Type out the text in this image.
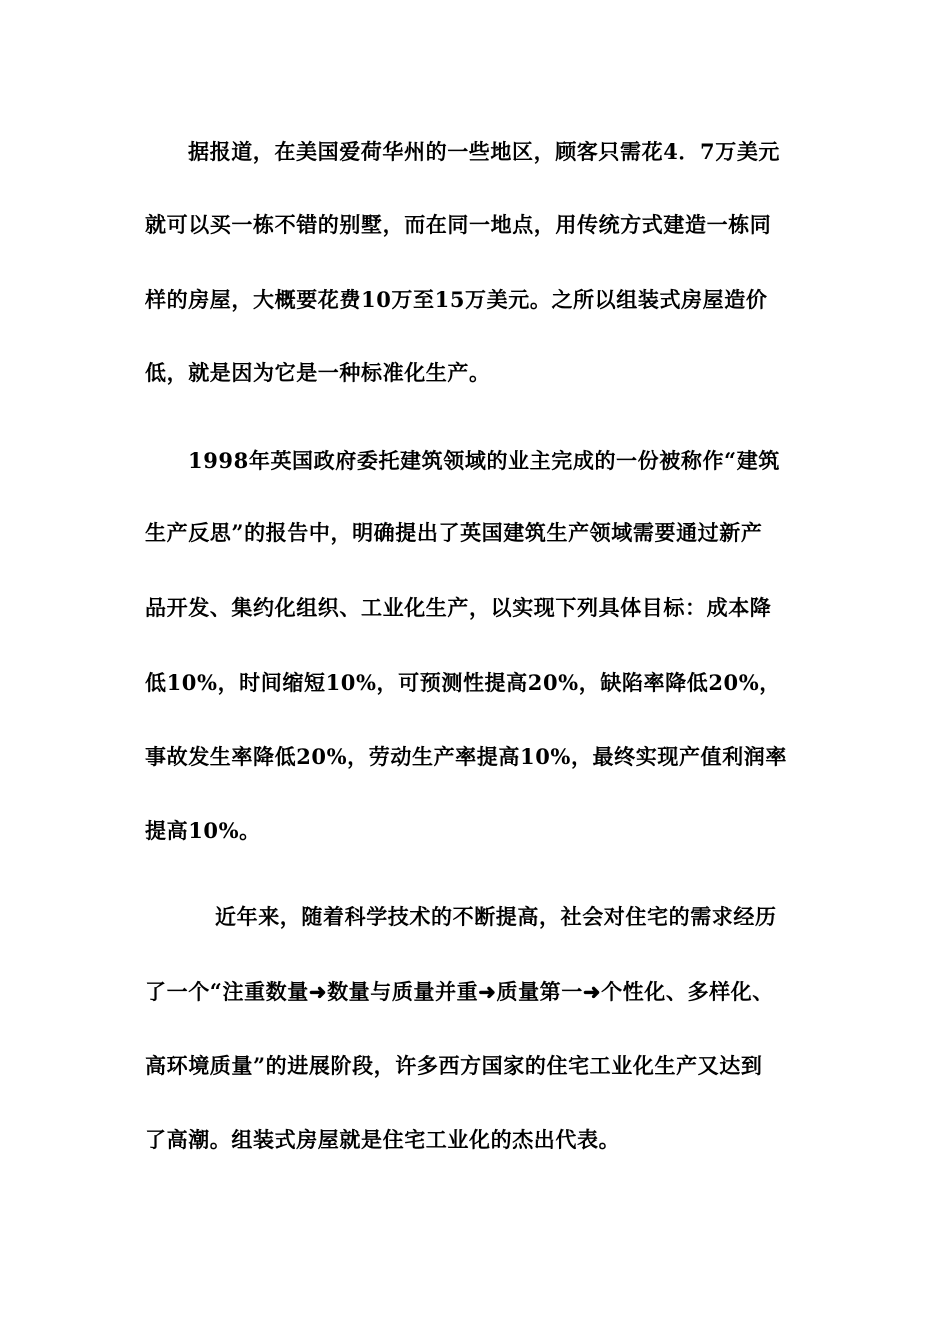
据报道，在美国爱荷华州的一些地区，顾客只需花4．7万美元
就可以买一栋不错的别墅，而在同一地点，用传统方式建造一栋同
样的房屋，大概要花费10万至15万美元。之所以组装式房屋造价
低，就是因为它是一种标准化生产。
1998年英国政府委托建筑领域的业主完成的一份被称作“建筑
生产反思”的报告中，明确提出了英国建筑生产领域需要通过新产
品开发、集约化组织、工业化生产，以实现下列具体目标：成本降
低10%，时间缩短10%，可预测性提高20%，缺陷率降低20%，
事故发生率降低20%，劳动生产率提高10%，最终实现产值利润率
提高10%。
近年来，随着科学技术的不断提高，社会对住宅的需求经历
了一个“注重数量➜数量与质量并重➜质量第一➜个性化、多样化、
高环境质量”的进展阶段，许多西方国家的住宅工业化生产又达到
了高潮。组装式房屋就是住宅工业化的杰出代表。
